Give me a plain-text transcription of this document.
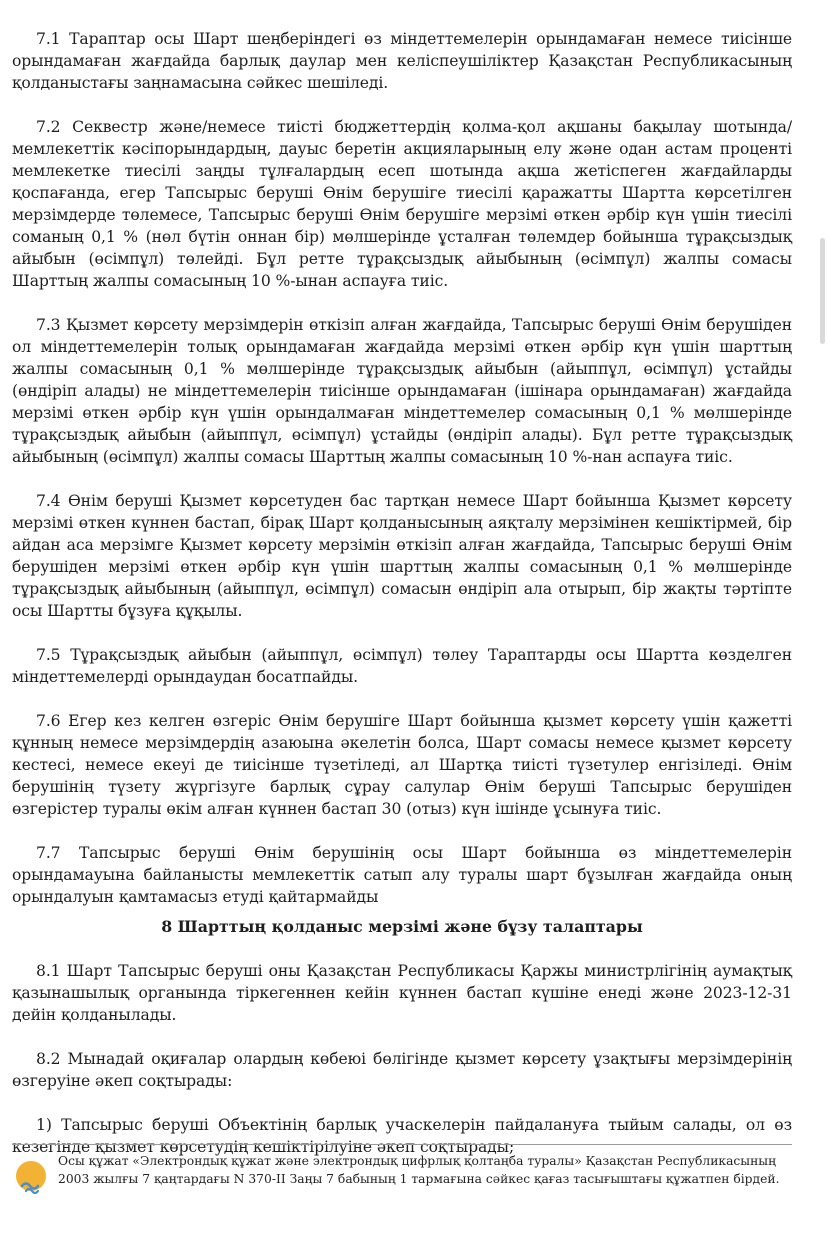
7.1 Тараптар осы Шарт шеңберіндегі өз міндеттемелерін орындамаған немесе тиісінше орындамаған жағдайда барлық даулар мен келіспеушіліктер Қазақстан Республикасының қолданыстағы заңнамасына сәйкес шешіледі.

7.2 Секвестр және/немесе тиісті бюджеттердің қолма-қол ақшаны бақылау шотында/мемлекеттік кәсіпорындардың, дауыс беретін акцияларының елу және одан астам проценті мемлекетке тиесілі заңды тұлғалардың есеп шотында ақша жетіспеген жағдайларды қоспағанда, егер Тапсырыс беруші Өнім берушіге тиесілі қаражатты Шартта көрсетілген мерзімдерде төлемесе, Тапсырыс беруші Өнім берушіге мерзімі өткен әрбір күн үшін тиесілі соманың 0,1 % (нөл бүтін оннан бір) мөлшерінде ұсталған төлемдер бойынша тұрақсыздық айыбын (өсімпұл) төлейді. Бұл ретте тұрақсыздық айыбының (өсімпұл) жалпы сомасы Шарттың жалпы сомасының 10 %-ынан аспауға тиіс.

7.3 Қызмет көрсету мерзімдерін өткізіп алған жағдайда, Тапсырыс беруші Өнім берушіден ол міндеттемелерін толық орындамаған жағдайда мерзімі өткен әрбір күн үшін шарттың жалпы сомасының 0,1 % мөлшерінде тұрақсыздық айыбын (айыппұл, өсімпұл) ұстайды (өндіріп алады) не міндеттемелерін тиісінше орындамаған (ішінара орындамаған) жағдайда мерзімі өткен әрбір күн үшін орындалмаған міндеттемелер сомасының 0,1 % мөлшерінде тұрақсыздық айыбын (айыппұл, өсімпұл) ұстайды (өндіріп алады). Бұл ретте тұрақсыздық айыбының (өсімпұл) жалпы сомасы Шарттың жалпы сомасының 10 %-нан аспауға тиіс.

7.4 Өнім беруші Қызмет көрсетуден бас тартқан немесе Шарт бойынша Қызмет көрсету мерзімі өткен күннен бастап, бірақ Шарт қолданысының аяқталу мерзімінен кешіктірмей, бір айдан аса мерзімге Қызмет көрсету мерзімін өткізіп алған жағдайда, Тапсырыс беруші Өнім берушіден мерзімі өткен әрбір күн үшін шарттың жалпы сомасының 0,1 % мөлшерінде тұрақсыздық айыбының (айыппұл, өсімпұл) сомасын өндіріп ала отырып, бір жақты тәртіпте осы Шартты бұзуға құқылы.

7.5 Тұрақсыздық айыбын (айыппұл, өсімпұл) төлеу Тараптарды осы Шартта көзделген міндеттемелерді орындаудан босатпайды.

7.6 Егер кез келген өзгеріс Өнім берушіге Шарт бойынша қызмет көрсету үшін қажетті құнның немесе мерзімдердің азаюына әкелетін болса, Шарт сомасы немесе қызмет көрсету кестесі, немесе екеуі де тиісінше түзетіледі, ал Шартқа тиісті түзетулер енгізіледі. Өнім берушінің түзету жүргізуге барлық сұрау салулар Өнім беруші Тапсырыс берушіден өзгерістер туралы өкім алған күннен бастап 30 (отыз) күн ішінде ұсынуға тиіс.

7.7 Тапсырыс беруші Өнім берушінің осы Шарт бойынша өз міндеттемелерін орындамауына байланысты мемлекеттік сатып алу туралы шарт бұзылған жағдайда оның орындалуын қамтамасыз етуді қайтармайды

8 Шарттың қолданыс мерзімі және бұзу талаптары

8.1 Шарт Тапсырыс беруші оны Қазақстан Республикасы Қаржы министрлігінің аумақтық қазынашылық органында тіркегеннен кейін күннен бастап күшіне енеді және 2023-12-31 дейін қолданылады.

8.2 Мынадай оқиғалар олардың көбеюі бөлігінде қызмет көрсету ұзақтығы мерзімдерінің өзгеруіне әкеп соқтырады:

1) Тапсырыс беруші Объектінің барлық учаскелерін пайдалануға тыйым салады, ол өз кезегінде қызмет көрсетудің кешіктірілуіне әкеп соқтырады;

Осы құжат «Электрондық құжат және электрондық цифрлық қолтаңба туралы» Қазақстан Республикасының 2003 жылғы 7 қаңтардағы N 370-II Заңы 7 бабының 1 тармағына сәйкес қағаз тасығыштағы құжатпен бірдей.
